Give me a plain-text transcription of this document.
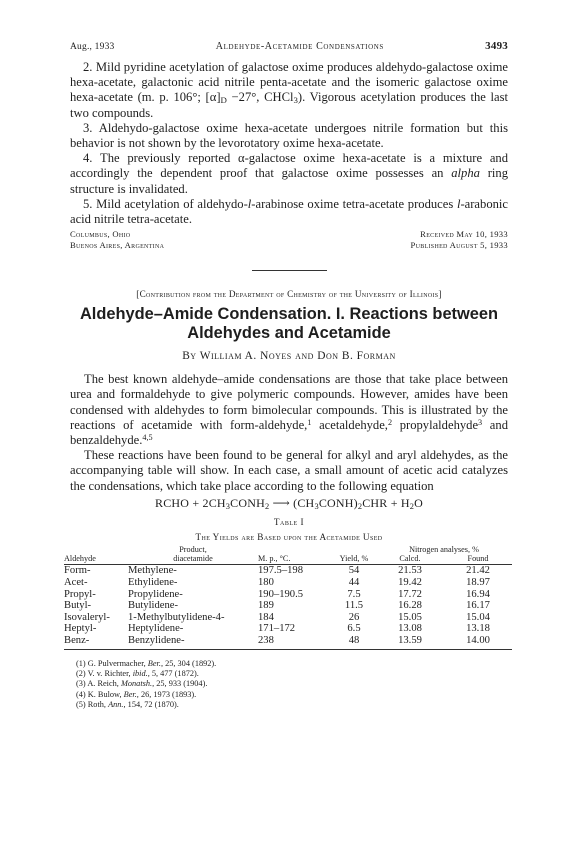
Aug., 1933	Aldehyde-Acetamide Condensations	3493

2. Mild pyridine acetylation of galactose oxime produces aldehydo-galactose oxime hexa-acetate, galactonic acid nitrile penta-acetate and the isomeric galactose oxime hexa-acetate (m. p. 106°; $[\alpha]_D -27^\circ$, CHCl$_3$). Vigorous acetylation produces the last two compounds.

3. Aldehydo-galactose oxime hexa-acetate undergoes nitrile formation but this behavior is not shown by the levorotatory oxime hexa-acetate.

4. The previously reported α-galactose oxime hexa-acetate is a mixture and accordingly the dependent proof that galactose oxime possesses an alpha ring structure is invalidated.

5. Mild acetylation of aldehydo-l-arabinose oxime tetra-acetate produces l-arabonic acid nitrile tetra-acetate.

Columbus, Ohio
Buenos Aires, Argentina
Received May 10, 1933
Published August 5, 1933
[Contribution from the Department of Chemistry of the University of Illinois]
Aldehyde–Amide Condensation. I. Reactions between
Aldehydes and Acetamide
By William A. Noyes and Don B. Forman

The best known aldehyde–amide condensations are those that take place between urea and formaldehyde to give polymeric compounds. However, amides have been condensed with aldehydes to form bimolecular compounds. This is illustrated by the reactions of acetamide with form-aldehyde,$^1$ acetaldehyde,$^2$ propylaldehyde$^3$ and benzaldehyde.$^{4,5}$

These reactions have been found to be general for alkyl and aryl aldehydes, as the accompanying table will show. In each case, a small amount of acetic acid catalyzes the condensations, which take place according to the following equation

RCHO + $2CH_3CONH_2$ ⟶ $(CH_3CONH)_2CHR + H_2O$
Table I
The Yields are Based upon the Acetamide Used
	Product,			Nitrogen analyses, %	
Aldehyde	diacetamide	M. p., °C.	Yield, %	Calcd.	Found
Form-	Methylene-	197.5–198	54	21.53	21.42
Acet-	Ethylidene-	180	44	19.42	18.97
Propyl-	Propylidene-	190–190.5	7.5	17.72	16.94
Butyl-	Butylidene-	189	11.5	16.28	16.17
Isovaleryl-	1-Methylbutylidene-4-	184	26	15.05	15.04
Heptyl-	Heptylidene-	171–172	6.5	13.08	13.18
Benz-	Benzylidene-	238	48	13.59	14.00
(1) G. Pulvermacher, Ber., 25, 304 (1892).
(2) V. v. Richter, ibid., 5, 477 (1872).
(3) A. Reich, Monatsh., 25, 933 (1904).
(4) K. Bulow, Ber., 26, 1973 (1893).
(5) Roth, Ann., 154, 72 (1870).
